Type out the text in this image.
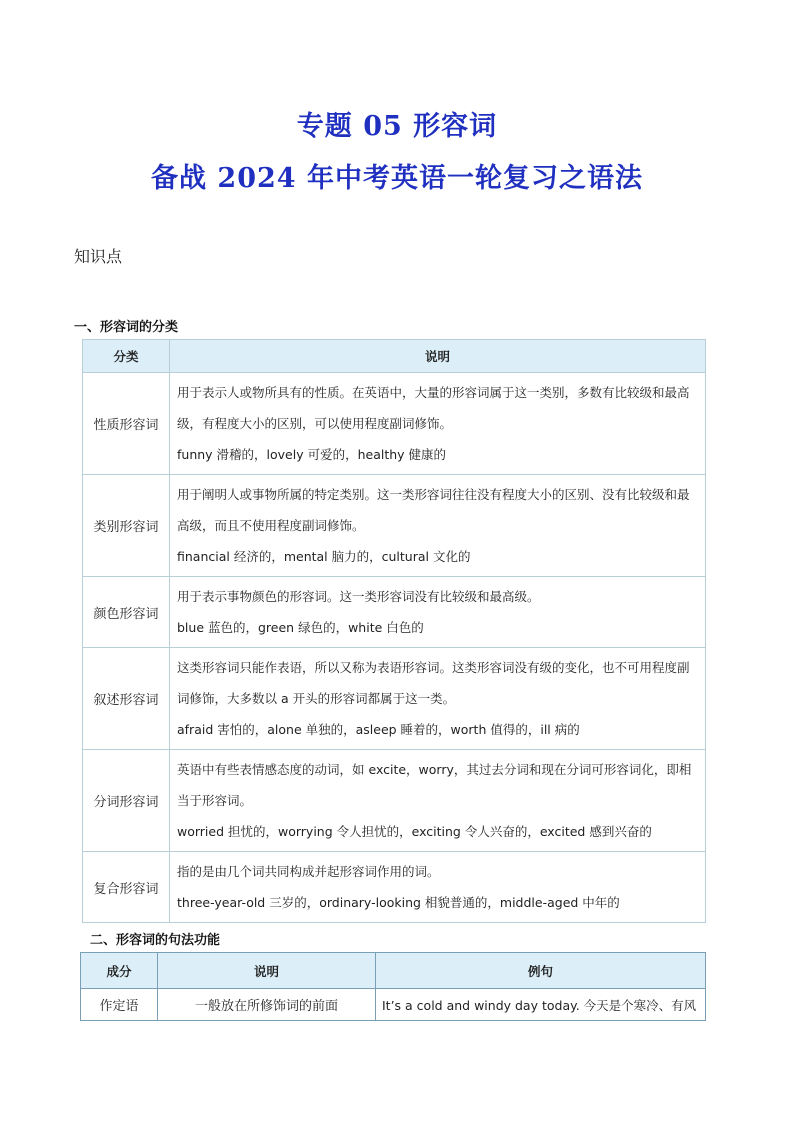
专题 05 形容词
备战 2024 年中考英语一轮复习之语法
知识点
一、形容词的分类
分类	说明
性质形容词	用于表示人或物所具有的性质。在英语中，大量的形容词属于这一类别，多数有比较级和最高级，有程度大小的区别，可以使用程度副词修饰。
funny 滑稽的，lovely 可爱的，healthy 健康的

类别形容词	用于阐明人或事物所属的特定类别。这一类形容词往往没有程度大小的区别、没有比较级和最高级，而且不使用程度副词修饰。
financial 经济的，mental 脑力的，cultural 文化的

颜色形容词	用于表示事物颜色的形容词。这一类形容词没有比较级和最高级。
blue 蓝色的，green 绿色的，white 白色的

叙述形容词	这类形容词只能作表语，所以又称为表语形容词。这类形容词没有级的变化，也不可用程度副词修饰，大多数以 a 开头的形容词都属于这一类。
afraid 害怕的，alone 单独的，asleep 睡着的，worth 值得的，ill 病的

分词形容词	英语中有些表情感态度的动词，如 excite，worry，其过去分词和现在分词可形容词化，即相当于形容词。
worried 担忧的，worrying 令人担忧的，exciting 令人兴奋的，excited 感到兴奋的

复合形容词	指的是由几个词共同构成并起形容词作用的词。
three-year-old 三岁的，ordinary-looking 相貌普通的，middle-aged 中年的
二、形容词的句法功能
成分	说明	例句
作定语	一般放在所修饰词的前面	It’s a cold and windy day today. 今天是个寒冷、有风
